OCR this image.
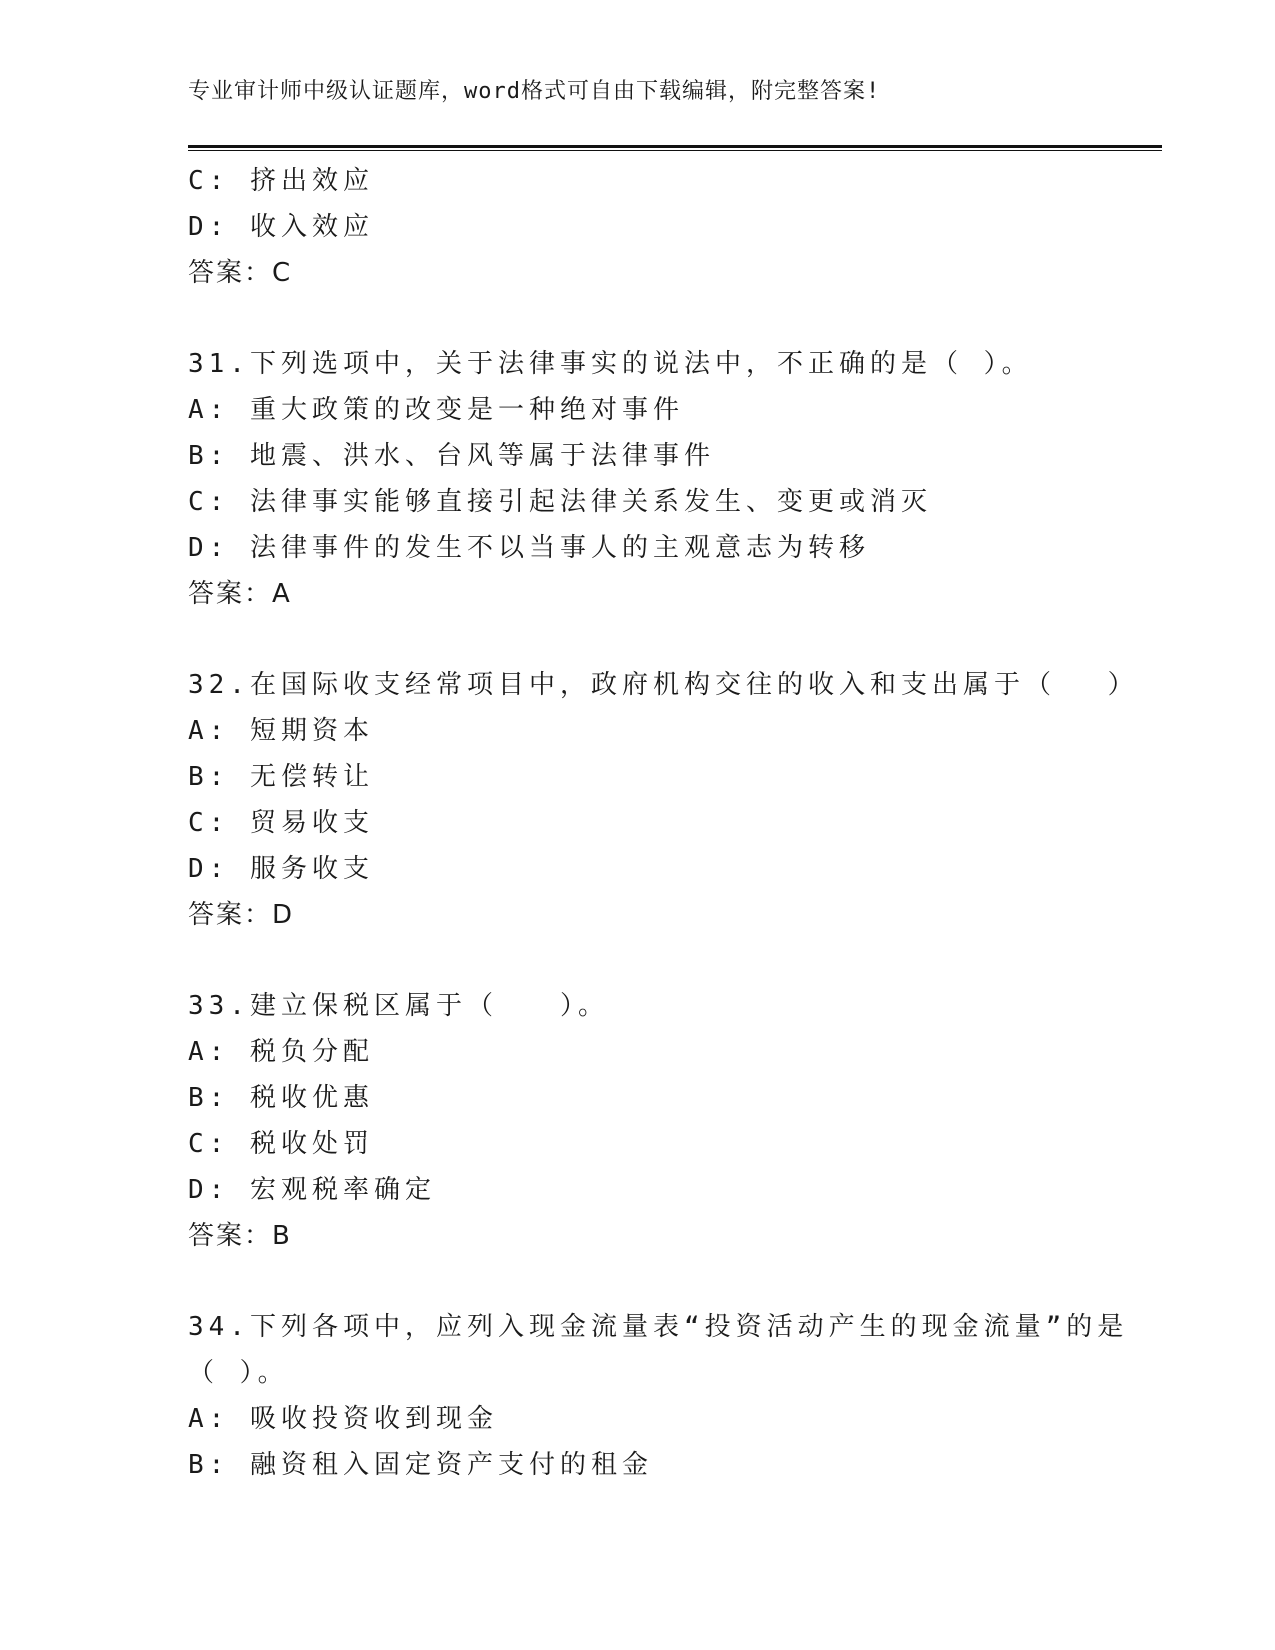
专业审计师中级认证题库，word格式可自由下载编辑，附完整答案!
C: 挤出效应
D: 收入效应
答案：C
31.下列选项中，关于法律事实的说法中，不正确的是（ ）。
A: 重大政策的改变是一种绝对事件
B: 地震、洪水、台风等属于法律事件
C: 法律事实能够直接引起法律关系发生、变更或消灭
D: 法律事件的发生不以当事人的主观意志为转移
答案：A
32.在国际收支经常项目中，政府机构交往的收入和支出属于（　 ）
A: 短期资本
B: 无偿转让
C: 贸易收支
D: 服务收支
答案：D
33.建立保税区属于（　　）。
A: 税负分配
B: 税收优惠
C: 税收处罚
D: 宏观税率确定
答案：B
34.下列各项中，应列入现金流量表“投资活动产生的现金流量”的是
（ ）。
A: 吸收投资收到现金
B: 融资租入固定资产支付的租金
